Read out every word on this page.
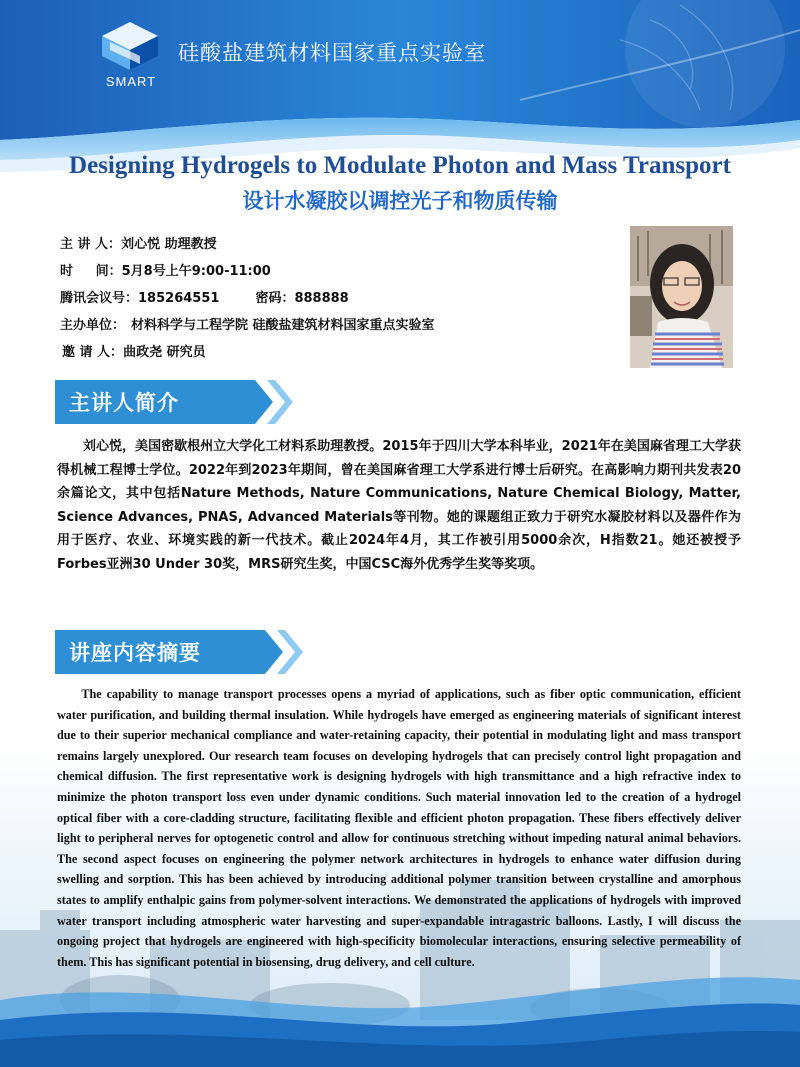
SMART
硅酸盐建筑材料国家重点实验室
Designing Hydrogels to Modulate Photon and Mass Transport
设计水凝胶以调控光子和物质传输
主 讲 人：刘心悦 助理教授
时     间：5月8号上午9:00-11:00
腾讯会议号：185264551	密码：888888
主办单位： 材料科学与工程学院 硅酸盐建筑材料国家重点实验室
邀 请 人：曲政尧 研究员
主讲人简介
刘心悦，美国密歇根州立大学化工材料系助理教授。2015年于四川大学本科毕业，2021年在美国麻省理工大学获得机械工程博士学位。2022年到2023年期间，曾在美国麻省理工大学系进行博士后研究。在高影响力期刊共发表20余篇论文，其中包括Nature Methods, Nature Communications, Nature Chemical Biology, Matter, Science Advances, PNAS, Advanced Materials等刊物。她的课题组正致力于研究水凝胶材料以及器件作为用于医疗、农业、环境实践的新一代技术。截止2024年4月，其工作被引用5000余次，H指数21。她还被授予Forbes亚洲30 Under 30奖，MRS研究生奖，中国CSC海外优秀学生奖等奖项。
讲座内容摘要
The capability to manage transport processes opens a myriad of applications, such as fiber optic communication, efficient water purification, and building thermal insulation. While hydrogels have emerged as engineering materials of significant interest due to their superior mechanical compliance and water-retaining capacity, their potential in modulating light and mass transport remains largely unexplored. Our research team focuses on developing hydrogels that can precisely control light propagation and chemical diffusion. The first representative work is designing hydrogels with high transmittance and a high refractive index to minimize the photon transport loss even under dynamic conditions. Such material innovation led to the creation of a hydrogel optical fiber with a core-cladding structure, facilitating flexible and efficient photon propagation. These fibers effectively deliver light to peripheral nerves for optogenetic control and allow for continuous stretching without impeding natural animal behaviors. The second aspect focuses on engineering the polymer network architectures in hydrogels to enhance water diffusion during swelling and sorption. This has been achieved by introducing additional polymer transition between crystalline and amorphous states to amplify enthalpic gains from polymer-solvent interactions. We demonstrated the applications of hydrogels with improved water transport including atmospheric water harvesting and super-expandable intragastric balloons. Lastly, I will discuss the ongoing project that hydrogels are engineered with high-specificity biomolecular interactions, ensuring selective permeability of them. This has significant potential in biosensing, drug delivery, and cell culture.
